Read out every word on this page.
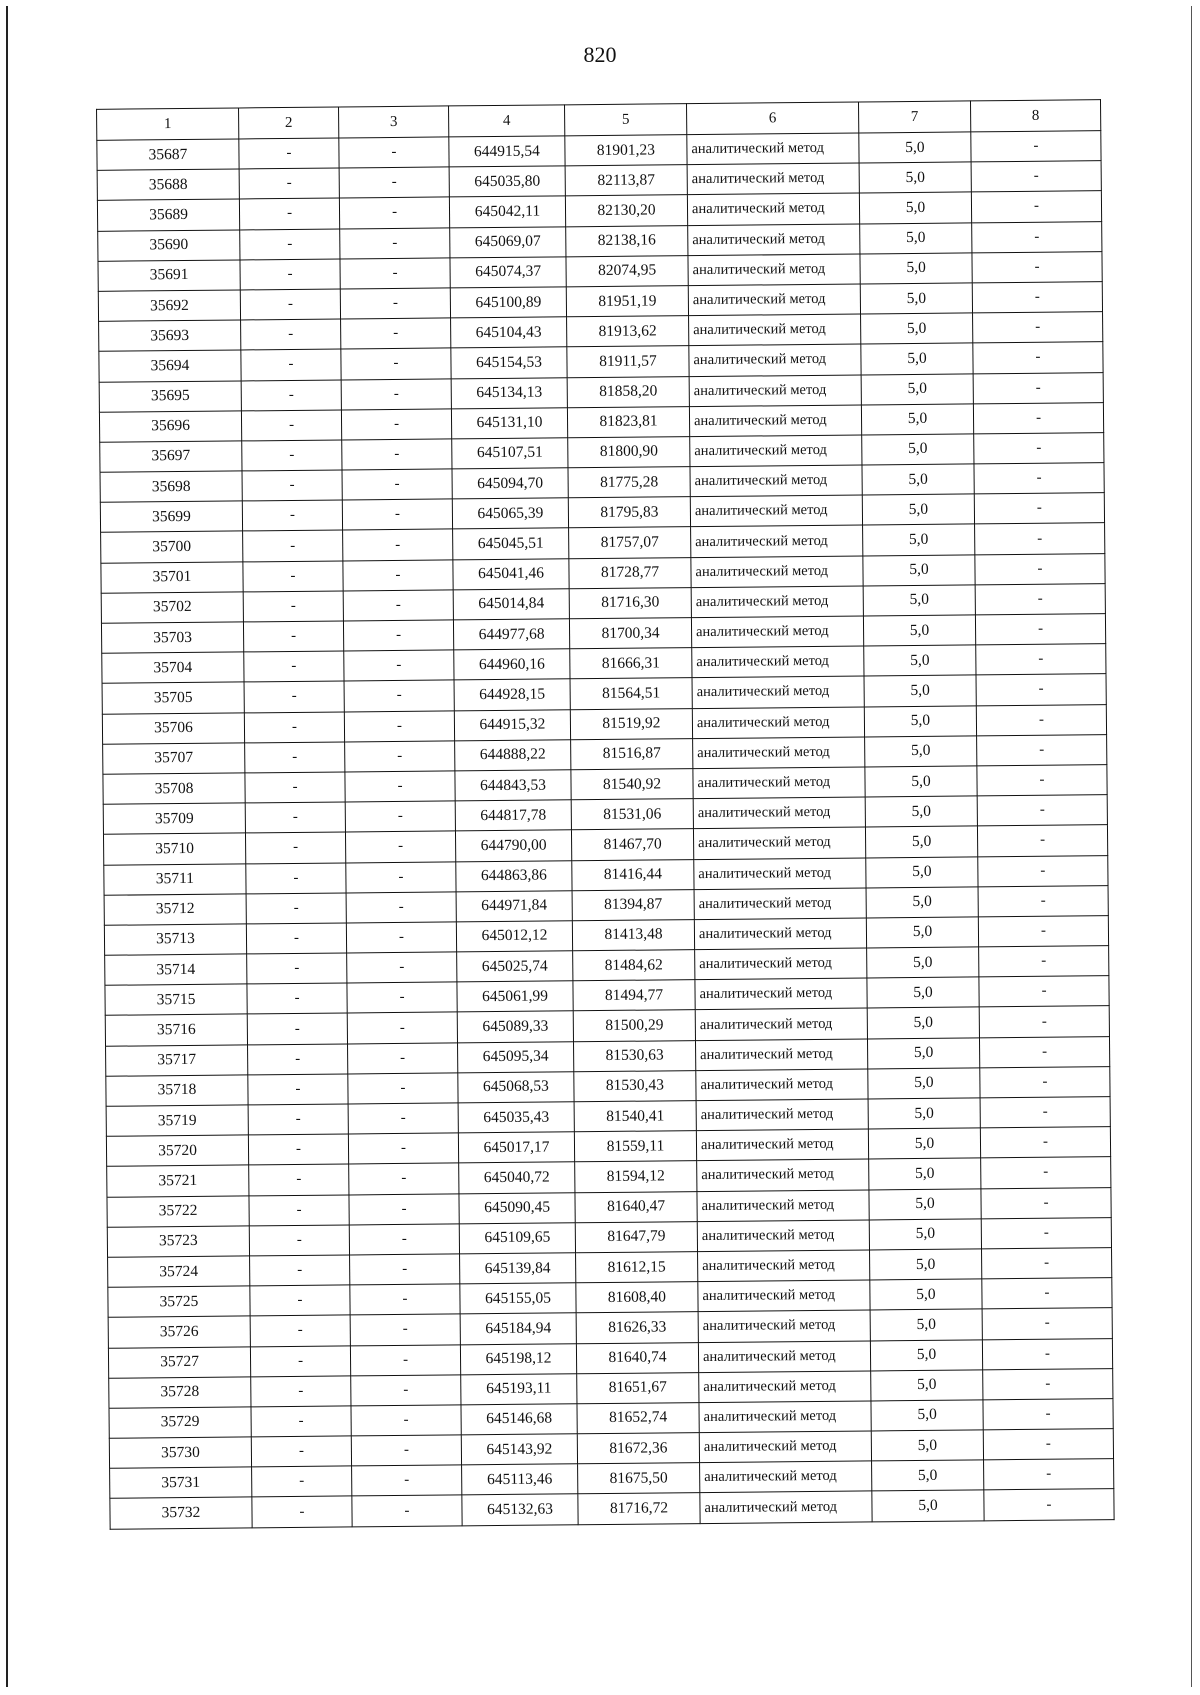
820
1	2	3	4	5	6	7	8
35687	-	-	644915,54	81901,23	аналитический метод	5,0	-
35688	-	-	645035,80	82113,87	аналитический метод	5,0	-
35689	-	-	645042,11	82130,20	аналитический метод	5,0	-
35690	-	-	645069,07	82138,16	аналитический метод	5,0	-
35691	-	-	645074,37	82074,95	аналитический метод	5,0	-
35692	-	-	645100,89	81951,19	аналитический метод	5,0	-
35693	-	-	645104,43	81913,62	аналитический метод	5,0	-
35694	-	-	645154,53	81911,57	аналитический метод	5,0	-
35695	-	-	645134,13	81858,20	аналитический метод	5,0	-
35696	-	-	645131,10	81823,81	аналитический метод	5,0	-
35697	-	-	645107,51	81800,90	аналитический метод	5,0	-
35698	-	-	645094,70	81775,28	аналитический метод	5,0	-
35699	-	-	645065,39	81795,83	аналитический метод	5,0	-
35700	-	-	645045,51	81757,07	аналитический метод	5,0	-
35701	-	-	645041,46	81728,77	аналитический метод	5,0	-
35702	-	-	645014,84	81716,30	аналитический метод	5,0	-
35703	-	-	644977,68	81700,34	аналитический метод	5,0	-
35704	-	-	644960,16	81666,31	аналитический метод	5,0	-
35705	-	-	644928,15	81564,51	аналитический метод	5,0	-
35706	-	-	644915,32	81519,92	аналитический метод	5,0	-
35707	-	-	644888,22	81516,87	аналитический метод	5,0	-
35708	-	-	644843,53	81540,92	аналитический метод	5,0	-
35709	-	-	644817,78	81531,06	аналитический метод	5,0	-
35710	-	-	644790,00	81467,70	аналитический метод	5,0	-
35711	-	-	644863,86	81416,44	аналитический метод	5,0	-
35712	-	-	644971,84	81394,87	аналитический метод	5,0	-
35713	-	-	645012,12	81413,48	аналитический метод	5,0	-
35714	-	-	645025,74	81484,62	аналитический метод	5,0	-
35715	-	-	645061,99	81494,77	аналитический метод	5,0	-
35716	-	-	645089,33	81500,29	аналитический метод	5,0	-
35717	-	-	645095,34	81530,63	аналитический метод	5,0	-
35718	-	-	645068,53	81530,43	аналитический метод	5,0	-
35719	-	-	645035,43	81540,41	аналитический метод	5,0	-
35720	-	-	645017,17	81559,11	аналитический метод	5,0	-
35721	-	-	645040,72	81594,12	аналитический метод	5,0	-
35722	-	-	645090,45	81640,47	аналитический метод	5,0	-
35723	-	-	645109,65	81647,79	аналитический метод	5,0	-
35724	-	-	645139,84	81612,15	аналитический метод	5,0	-
35725	-	-	645155,05	81608,40	аналитический метод	5,0	-
35726	-	-	645184,94	81626,33	аналитический метод	5,0	-
35727	-	-	645198,12	81640,74	аналитический метод	5,0	-
35728	-	-	645193,11	81651,67	аналитический метод	5,0	-
35729	-	-	645146,68	81652,74	аналитический метод	5,0	-
35730	-	-	645143,92	81672,36	аналитический метод	5,0	-
35731	-	-	645113,46	81675,50	аналитический метод	5,0	-
35732	-	-	645132,63	81716,72	аналитический метод	5,0	-
